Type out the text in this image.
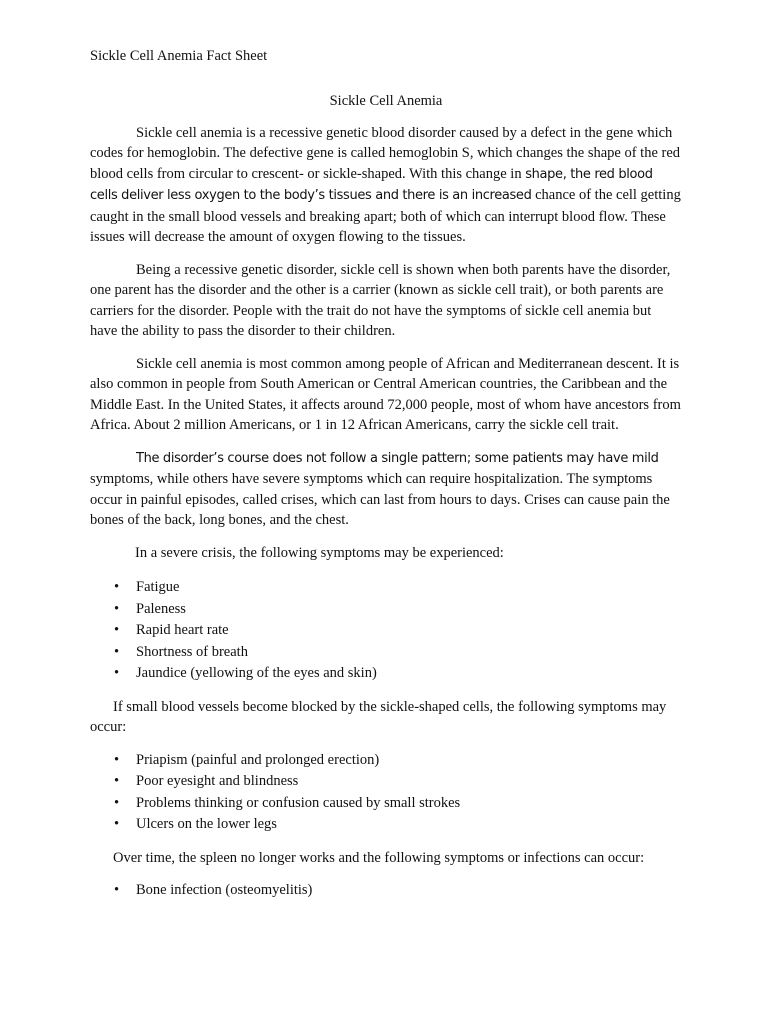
Sickle Cell Anemia Fact Sheet
Sickle Cell Anemia

Sickle cell anemia is a recessive genetic blood disorder caused by a defect in the gene which codes for hemoglobin. The defective gene is called hemoglobin S, which changes the shape of the red blood cells from circular to crescent- or sickle-shaped. With this change in shape, the red blood cells deliver less oxygen to the body’s tissues and there is an increased chance of the cell getting caught in the small blood vessels and breaking apart; both of which can interrupt blood flow. These issues will decrease the amount of oxygen flowing to the tissues.

Being a recessive genetic disorder, sickle cell is shown when both parents have the disorder, one parent has the disorder and the other is a carrier (known as sickle cell trait), or both parents are carriers for the disorder. People with the trait do not have the symptoms of sickle cell anemia but have the ability to pass the disorder to their children.

Sickle cell anemia is most common among people of African and Mediterranean descent. It is also common in people from South American or Central American countries, the Caribbean and the Middle East. In the United States, it affects around 72,000 people, most of whom have ancestors from Africa. About 2 million Americans, or 1 in 12 African Americans, carry the sickle cell trait.

The disorder’s course does not follow a single pattern; some patients may have mild symptoms, while others have severe symptoms which can require hospitalization. The symptoms occur in painful episodes, called crises, which can last from hours to days. Crises can cause pain the bones of the back, long bones, and the chest.

In a severe crisis, the following symptoms may be experienced:

• Fatigue
• Paleness
• Rapid heart rate
• Shortness of breath
• Jaundice (yellowing of the eyes and skin)

If small blood vessels become blocked by the sickle-shaped cells, the following symptoms may occur:

• Priapism (painful and prolonged erection)
• Poor eyesight and blindness
• Problems thinking or confusion caused by small strokes
• Ulcers on the lower legs

Over time, the spleen no longer works and the following symptoms or infections can occur:

• Bone infection (osteomyelitis)
